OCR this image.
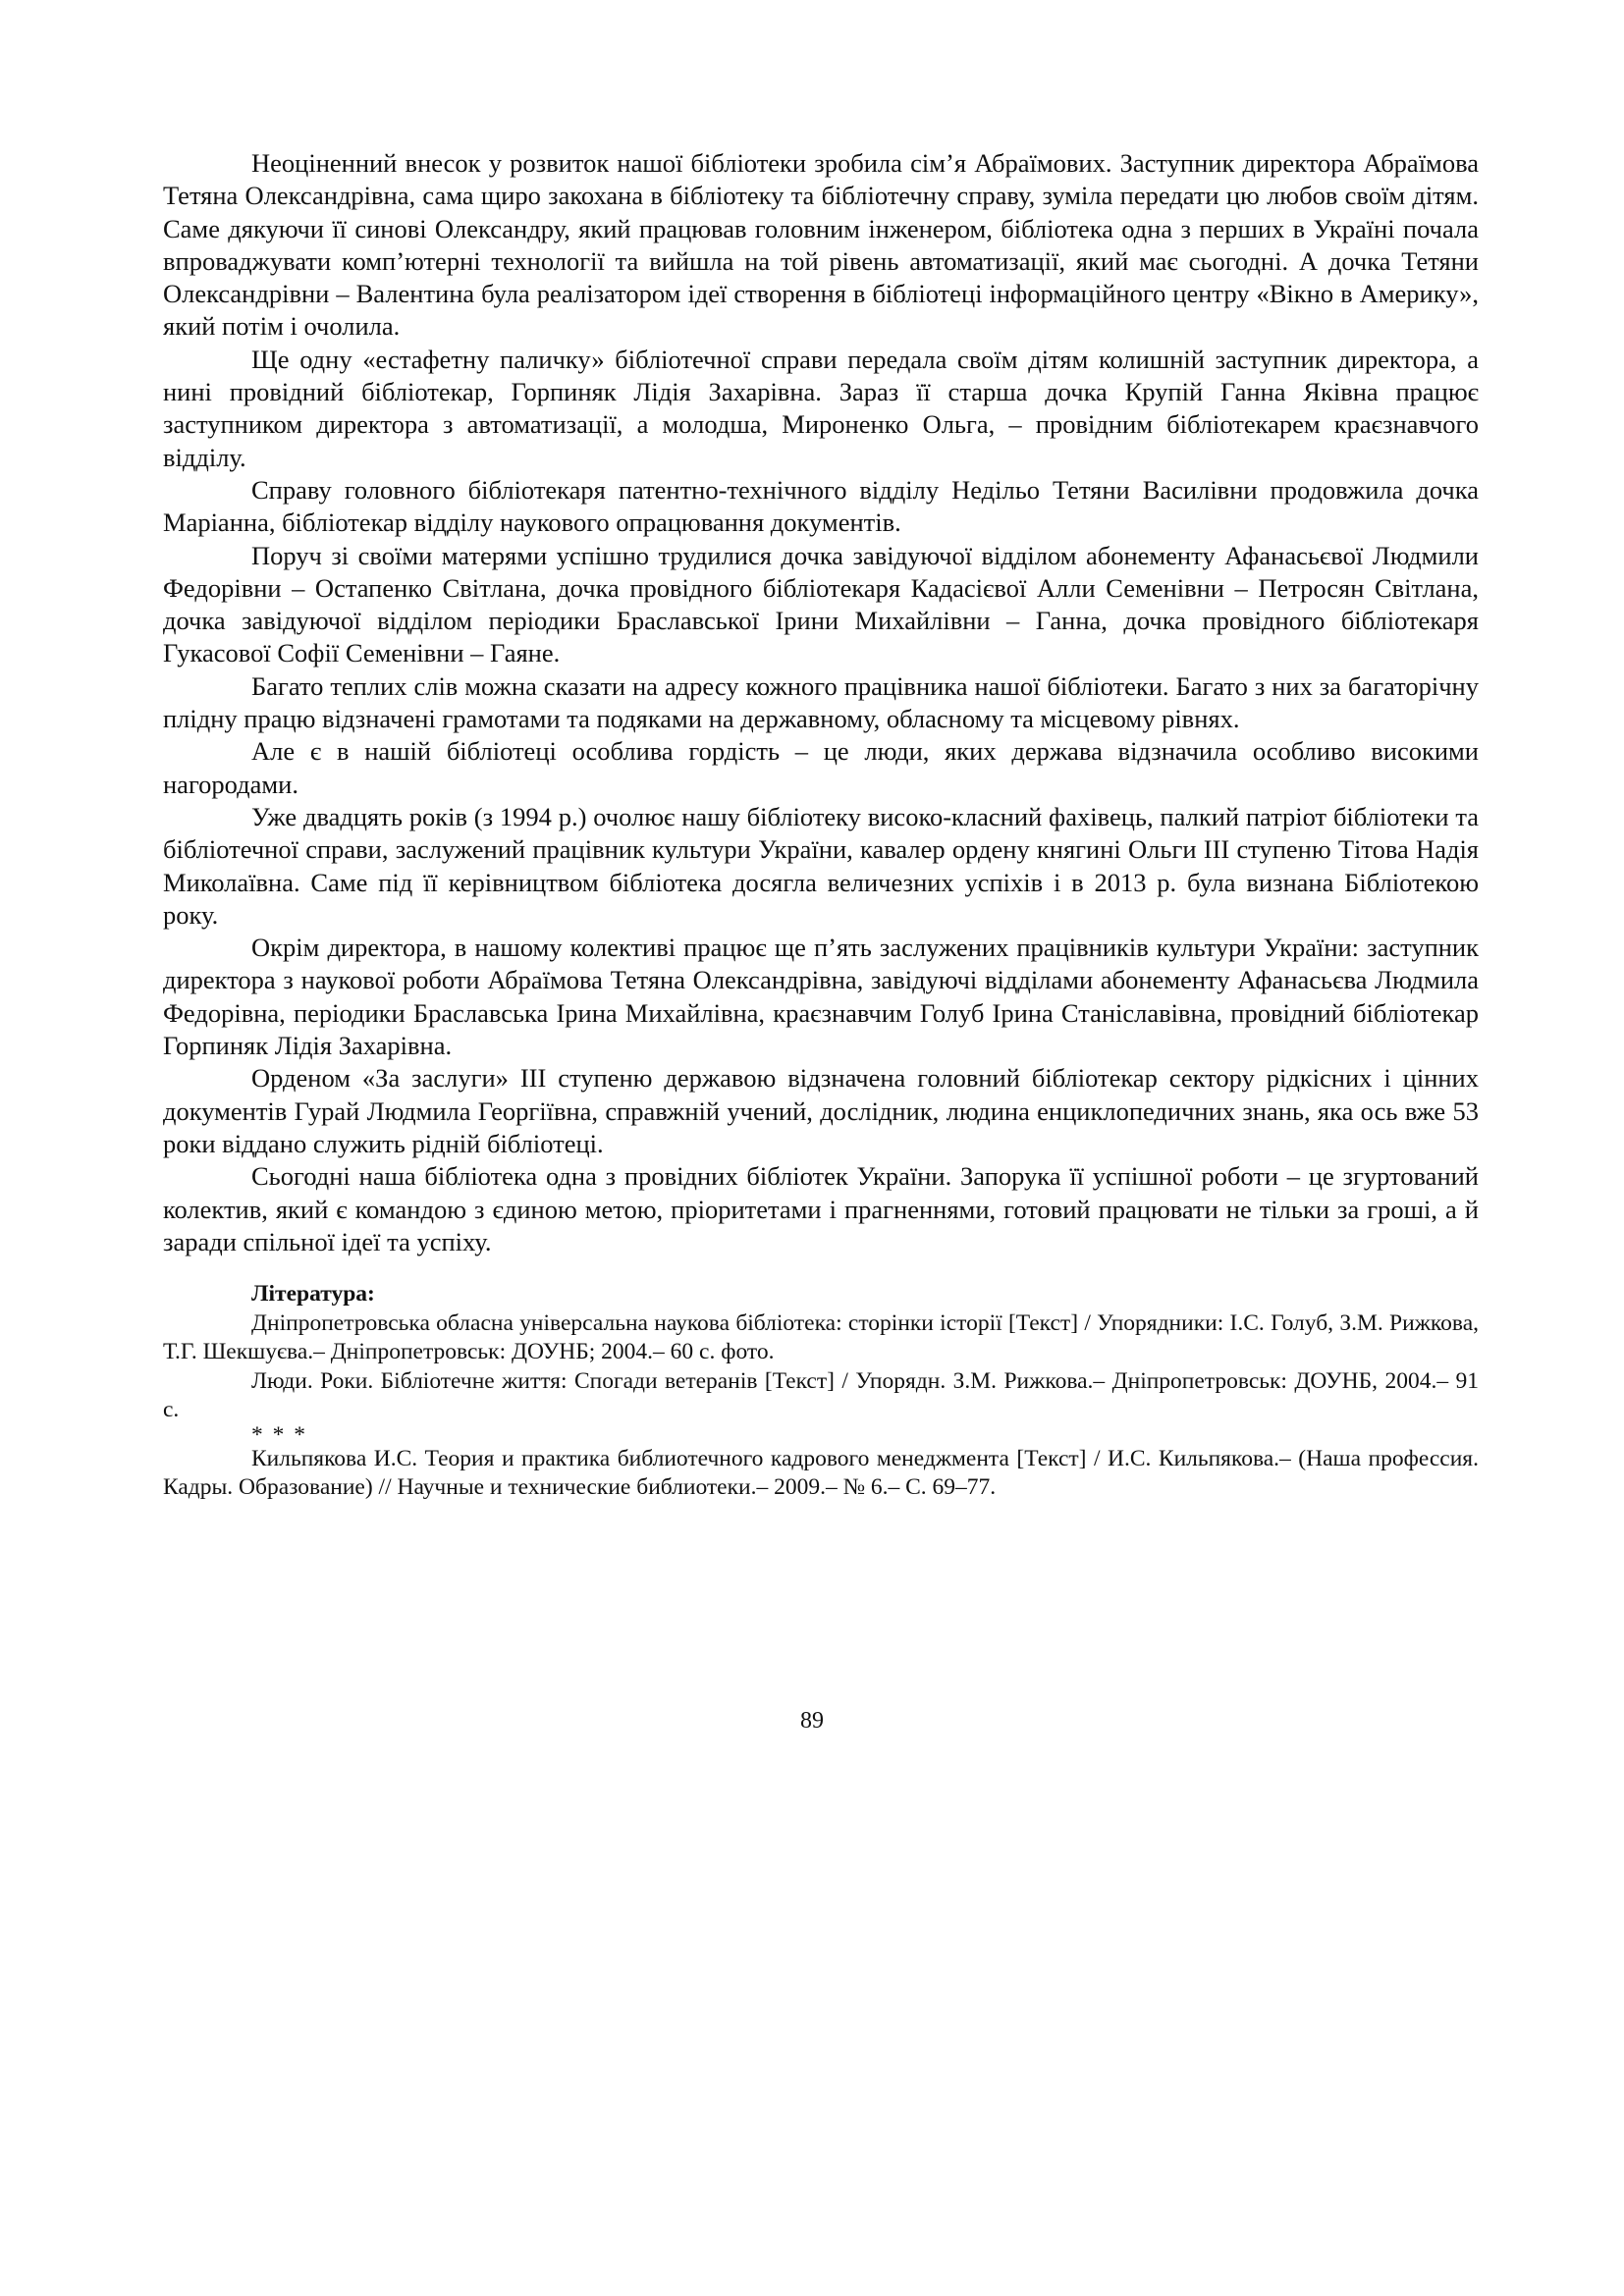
Неоціненний внесок у розвиток нашої бібліотеки зробила сім’я Абраїмових. Заступник директора Абраїмова Тетяна Олександрівна, сама щиро закохана в бібліотеку та бібліотечну справу, зуміла передати цю любов своїм дітям. Саме дякуючи її синові Олександру, який працював головним інженером, бібліотека одна з перших в Україні почала впроваджувати комп’ютерні технології та вийшла на той рівень автоматизації, який має сьогодні. А дочка Тетяни Олександрівни – Валентина була реалізатором ідеї створення в бібліотеці інформаційного центру «Вікно в Америку», який потім і очолила.

Ще одну «естафетну паличку» бібліотечної справи передала своїм дітям колишній заступник директора, а нині провідний бібліотекар, Горпиняк Лідія Захарівна. Зараз її старша дочка Крупій Ганна Яківна працює заступником директора з автоматизації, а молодша, Мироненко Ольга, – провідним бібліотекарем краєзнавчого відділу.

Справу головного бібліотекаря патентно-технічного відділу Недільо Тетяни Василівни продовжила дочка Маріанна, бібліотекар відділу наукового опрацювання документів.

Поруч зі своїми матерями успішно трудилися дочка завідуючої відділом абонементу Афанасьєвої Людмили Федорівни – Остапенко Світлана, дочка провідного бібліотекаря Кадасієвої Алли Семенівни – Петросян Світлана, дочка завідуючої відділом періодики Браславської Ірини Михайлівни – Ганна, дочка провідного бібліотекаря Гукасової Софії Семенівни – Гаяне.

Багато теплих слів можна сказати на адресу кожного працівника нашої бібліотеки. Багато з них за багаторічну плідну працю відзначені грамотами та подяками на державному, обласному та місцевому рівнях.

Але є в нашій бібліотеці особлива гордість – це люди, яких держава відзначила особливо високими нагородами.

Уже двадцять років (з 1994 р.) очолює нашу бібліотеку високо-класний фахівець, палкий патріот бібліотеки та бібліотечної справи, заслужений працівник культури України, кавалер ордену княгині Ольги III ступеню Тітова Надія Миколаївна. Саме під її керівництвом бібліотека досягла величезних успіхів і в 2013 р. була визнана Бібліотекою року.

Окрім директора, в нашому колективі працює ще п’ять заслужених працівників культури України: заступник директора з наукової роботи Абраїмова Тетяна Олександрівна, завідуючі відділами абонементу Афанасьєва Людмила Федорівна, періодики Браславська Ірина Михайлівна, краєзнавчим Голуб Ірина Станіславівна, провідний бібліотекар Горпиняк Лідія Захарівна.

Орденом «За заслуги» III ступеню державою відзначена головний бібліотекар сектору рідкісних і цінних документів Гурай Людмила Георгіївна, справжній учений, дослідник, людина енциклопедичних знань, яка ось вже 53 роки віддано служить рідній бібліотеці.

Сьогодні наша бібліотека одна з провідних бібліотек України. Запорука її успішної роботи – це згуртований колектив, який є командою з єдиною метою, пріоритетами і прагненнями, готовий працювати не тільки за гроші, а й заради спільної ідеї та успіху.

Література:

Дніпропетровська обласна універсальна наукова бібліотека: сторінки історії [Текст] / Упорядники: І.С. Голуб, З.М. Рижкова, Т.Г. Шекшуєва.– Дніпропетровськ: ДОУНБ; 2004.– 60 с. фото.

Люди. Роки. Бібліотечне життя: Спогади ветеранів [Текст] / Упорядн. З.М. Рижкова.– Дніпропетровськ: ДОУНБ, 2004.– 91 с.

* * *

Кильпякова И.С. Теория и практика библиотечного кадрового менеджмента [Текст] / И.С. Кильпякова.– (Наша профессия. Кадры. Образование) // Научные и технические библиотеки.– 2009.– № 6.– С. 69–77.

89
